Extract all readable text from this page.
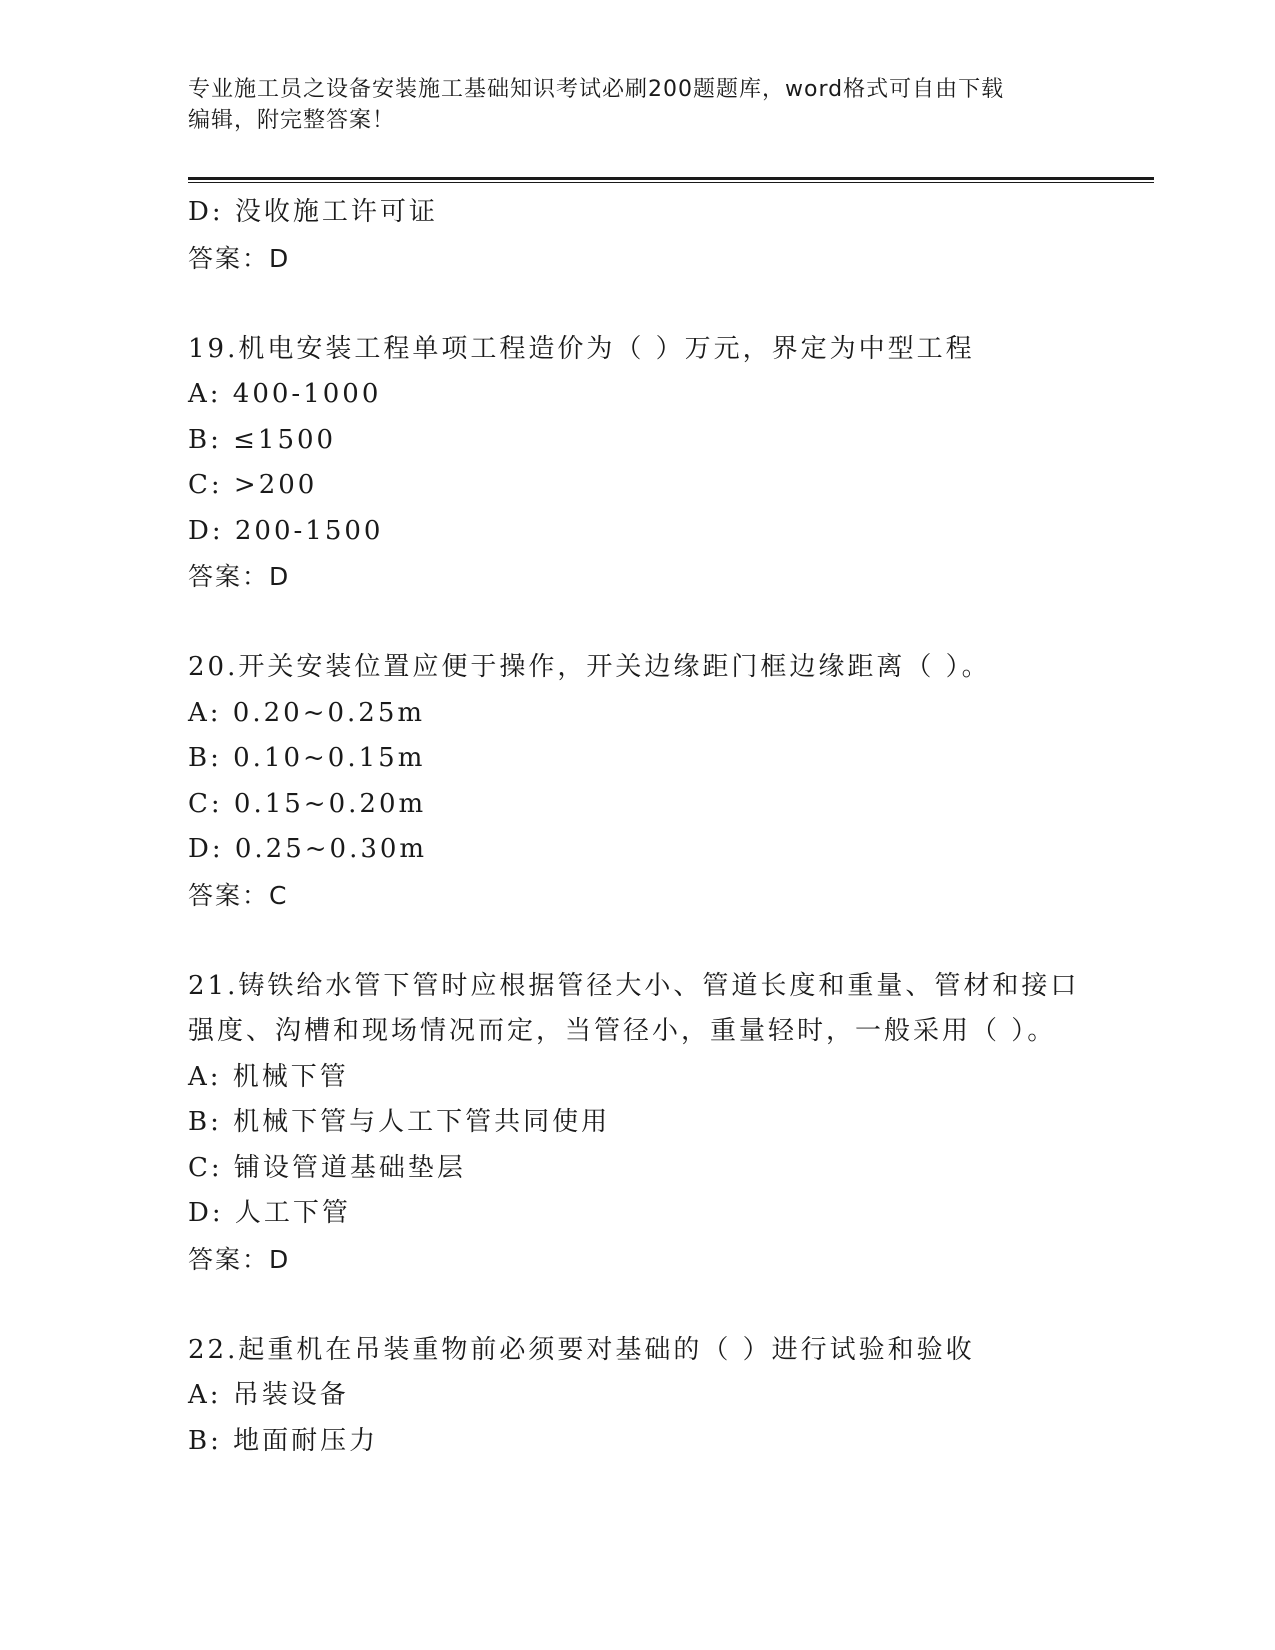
专业施工员之设备安装施工基础知识考试必刷200题题库，word格式可自由下载
编辑，附完整答案！
D: 没收施工许可证
答案：D
19.机电安装工程单项工程造价为（ ）万元，界定为中型工程
A: 400-1000
B: ≤1500
C: >200
D: 200-1500
答案：D
20.开关安装位置应便于操作，开关边缘距门框边缘距离（ ）。
A: 0.20~0.25m
B: 0.10~0.15m
C: 0.15~0.20m
D: 0.25~0.30m
答案：C
21.铸铁给水管下管时应根据管径大小、管道长度和重量、管材和接口
强度、沟槽和现场情况而定，当管径小，重量轻时，一般采用（ ）。
A: 机械下管
B: 机械下管与人工下管共同使用
C: 铺设管道基础垫层
D: 人工下管
答案：D
22.起重机在吊装重物前必须要对基础的（ ）进行试验和验收
A: 吊装设备
B: 地面耐压力
